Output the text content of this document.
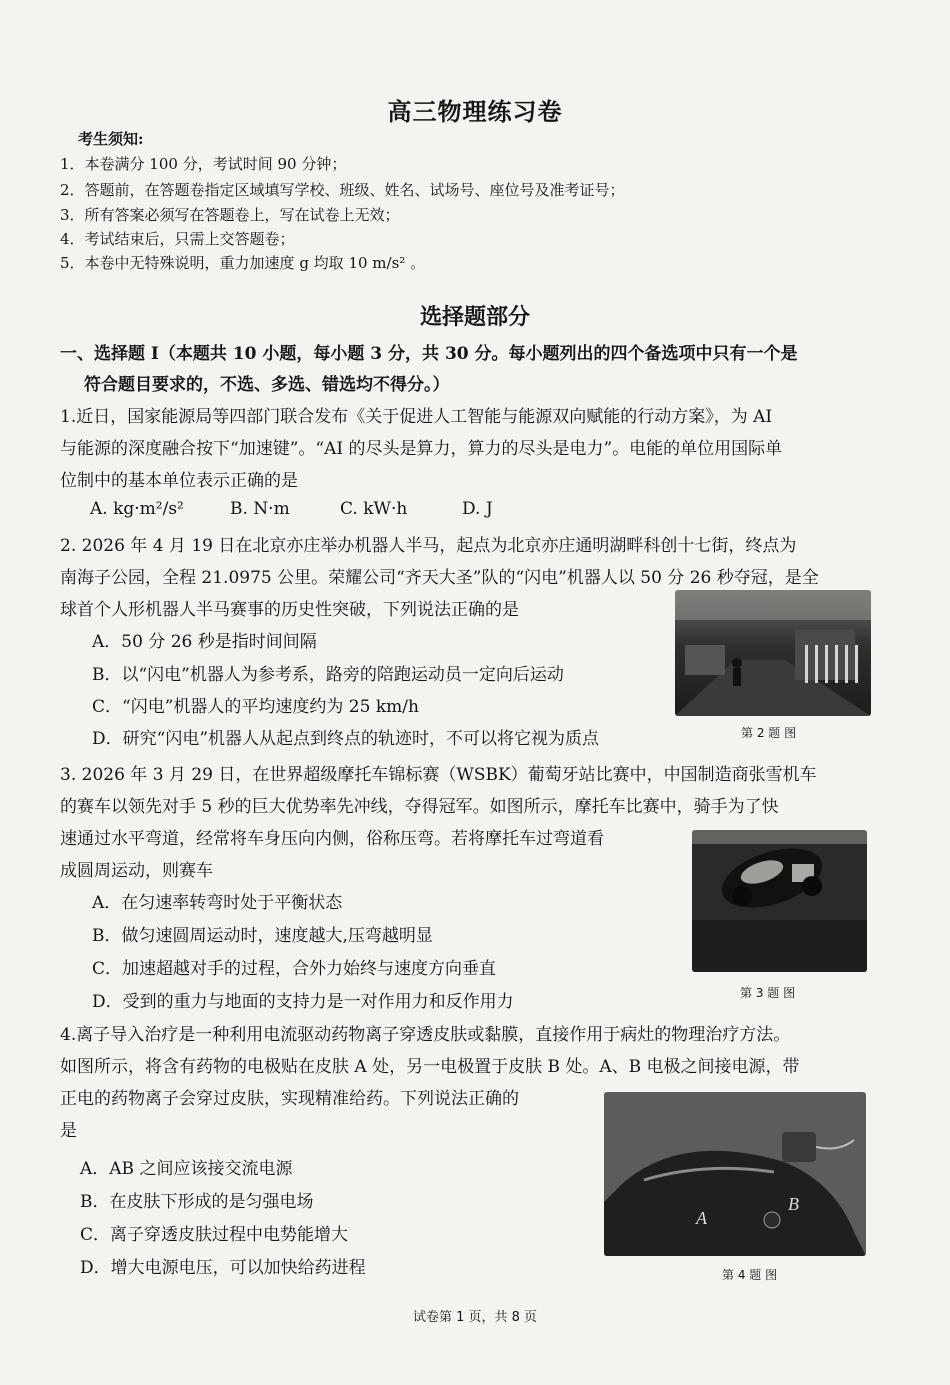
高三物理练习卷
考生须知:
1．本卷满分 100 分，考试时间 90 分钟；
2．答题前，在答题卷指定区域填写学校、班级、姓名、试场号、座位号及准考证号；
3．所有答案必须写在答题卷上，写在试卷上无效；
4．考试结束后，只需上交答题卷；
5．本卷中无特殊说明，重力加速度 g 均取 10 m/s² 。
选择题部分
一、选择题 I（本题共 10 小题，每小题 3 分，共 30 分。每小题列出的四个备选项中只有一个是
符合题目要求的，不选、多选、错选均不得分。）
1.近日，国家能源局等四部门联合发布《关于促进人工智能与能源双向赋能的行动方案》，为 AI
与能源的深度融合按下“加速键”。“AI 的尽头是算力，算力的尽头是电力”。电能的单位用国际单
位制中的基本单位表示正确的是
A. kg·m²/s²	B. N·m	C. kW·h	D. J
2. 2026 年 4 月 19 日在北京亦庄举办机器人半马，起点为北京亦庄通明湖畔科创十七街，终点为
南海子公园，全程 21.0975 公里。荣耀公司“齐天大圣”队的“闪电”机器人以 50 分 26 秒夺冠，是全
球首个人形机器人半马赛事的历史性突破，下列说法正确的是
A．50 分 26 秒是指时间间隔
B．以“闪电”机器人为参考系，路旁的陪跑运动员一定向后运动
C．“闪电”机器人的平均速度约为 25 km/h
D．研究“闪电”机器人从起点到终点的轨迹时，不可以将它视为质点	第 2 题 图
3. 2026 年 3 月 29 日，在世界超级摩托车锦标赛（WSBK）葡萄牙站比赛中，中国制造商张雪机车
的赛车以领先对手 5 秒的巨大优势率先冲线，夺得冠军。如图所示，摩托车比赛中，骑手为了快
速通过水平弯道，经常将车身压向内侧，俗称压弯。若将摩托车过弯道看
成圆周运动，则赛车
A．在匀速率转弯时处于平衡状态
B．做匀速圆周运动时，速度越大,压弯越明显
C．加速超越对手的过程，合外力始终与速度方向垂直
D．受到的重力与地面的支持力是一对作用力和反作用力	第 3 题 图
4.离子导入治疗是一种利用电流驱动药物离子穿透皮肤或黏膜，直接作用于病灶的物理治疗方法。
如图所示，将含有药物的电极贴在皮肤 A 处，另一电极置于皮肤 B 处。A、B 电极之间接电源，带
正电的药物离子会穿过皮肤，实现精准给药。下列说法正确的
是
A．AB 之间应该接交流电源
B．在皮肤下形成的是匀强电场
C．离子穿透皮肤过程中电势能增大
D．增大电源电压，可以加快给药进程
A
B
第 4 题 图
试卷第 1 页，共 8 页
